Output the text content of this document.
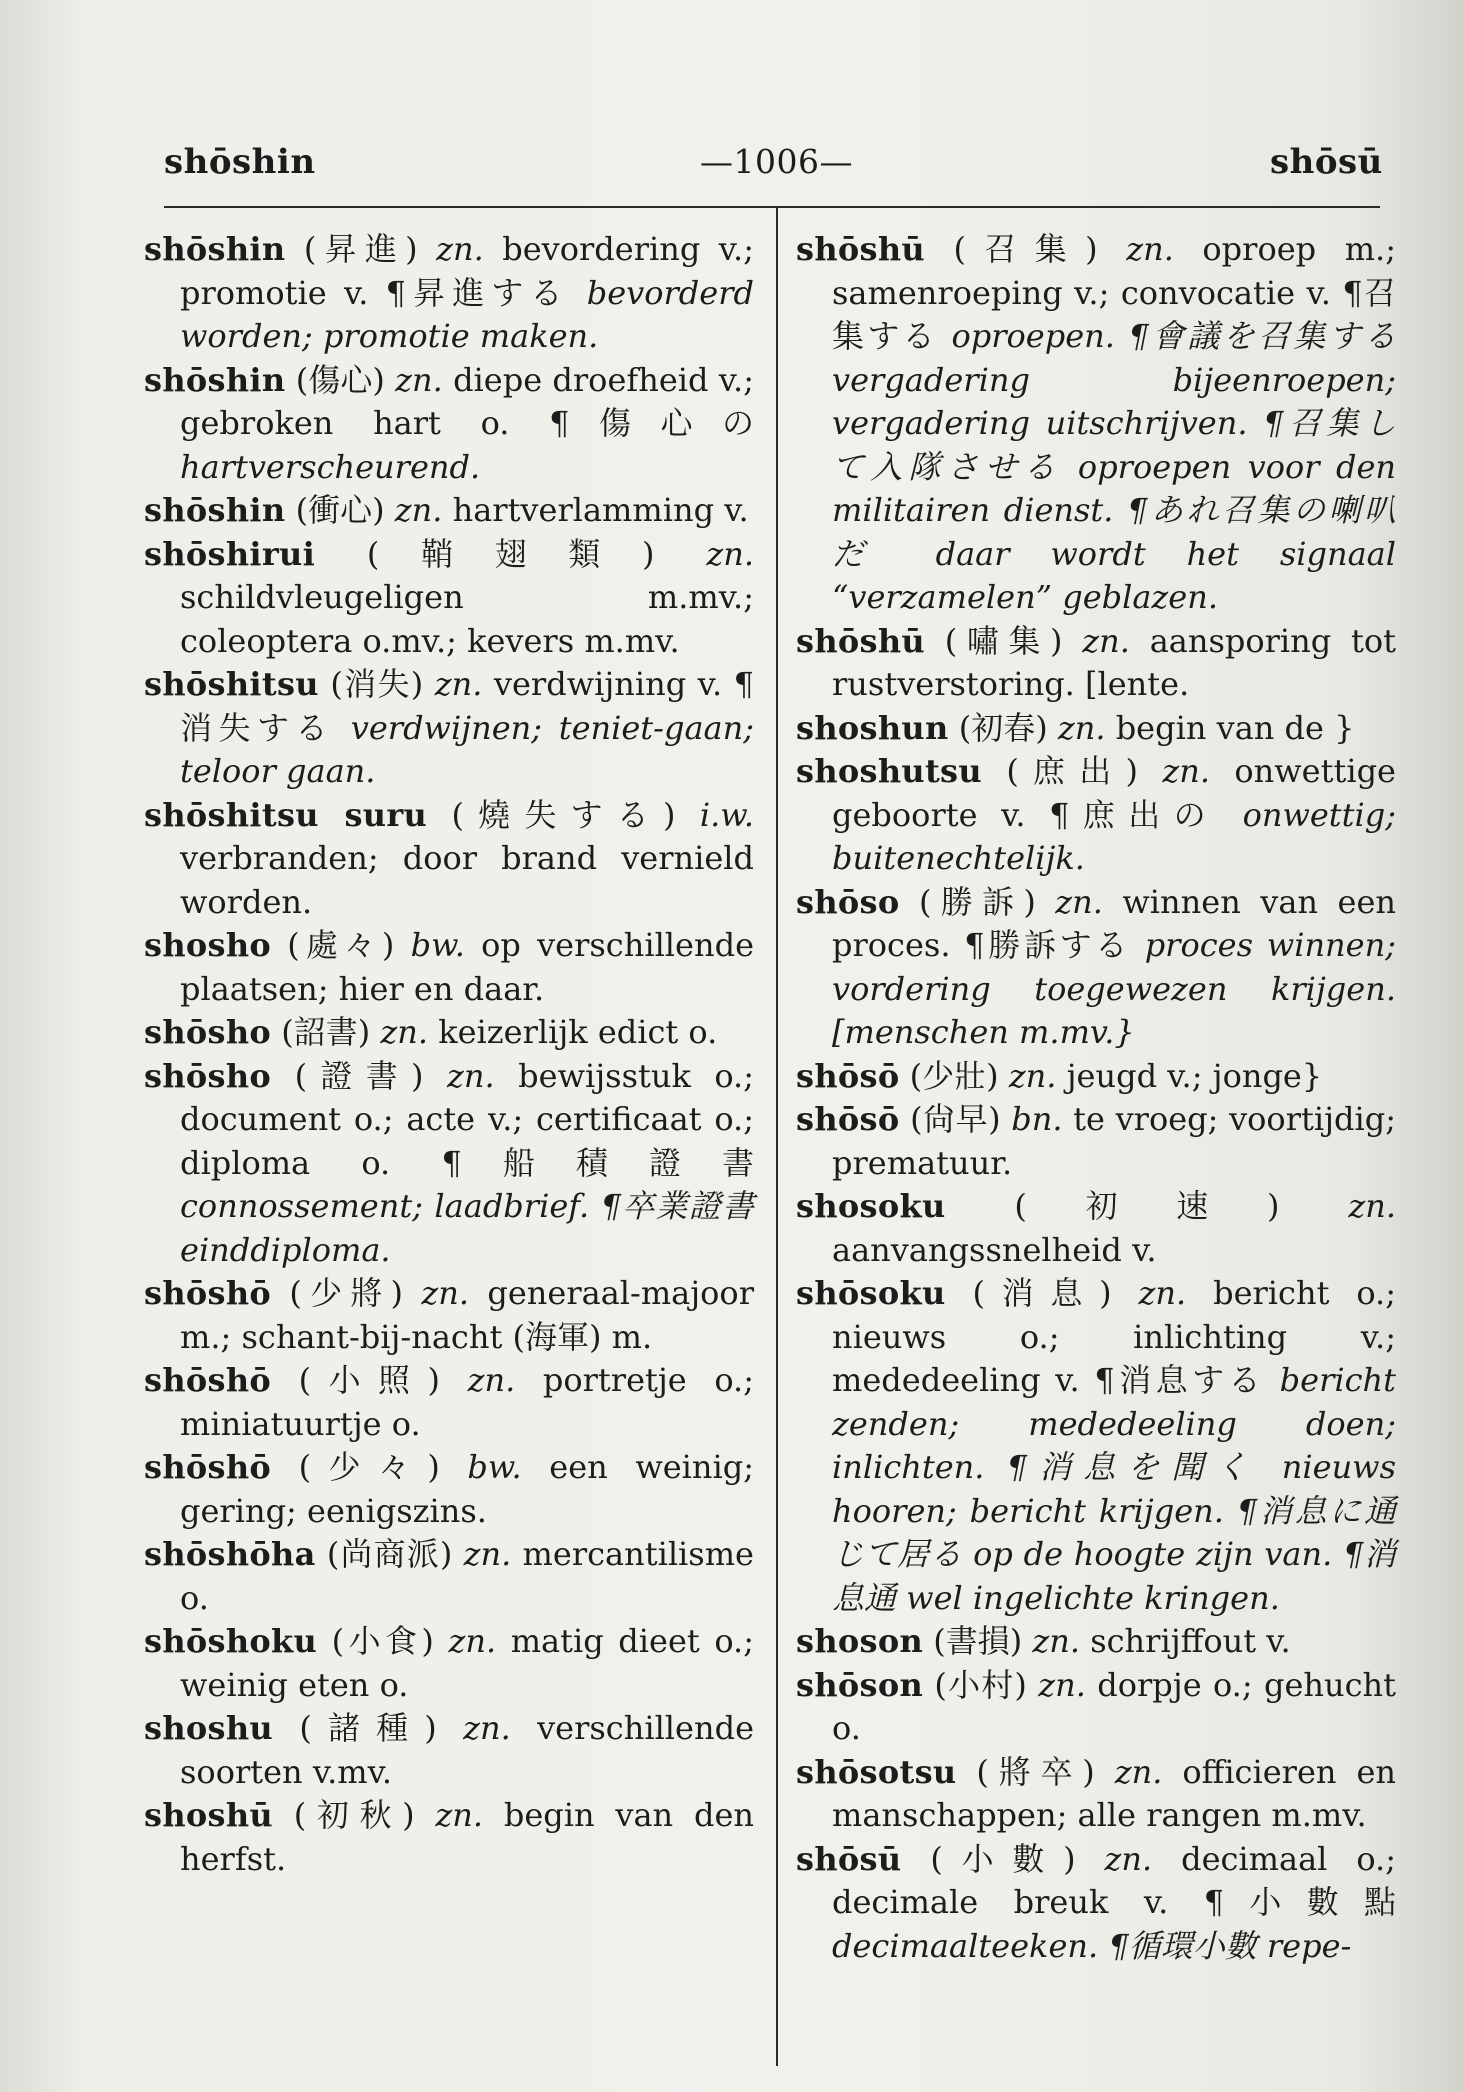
shōshin	—1006—	shōsū
shōshin (昇進) zn. bevordering v.; promotie v. ¶昇進する bevorderd worden; promotie maken.
shōshin (傷心) zn. diepe droefheid v.; gebroken hart o. ¶傷心の hartverscheurend.
shōshin (衝心) zn. hartverlamming v.
shōshirui (鞘翅類) zn. schildvleugeligen m.mv.; coleoptera o.mv.; kevers m.mv.
shōshitsu (消失) zn. verdwijning v. ¶消失する verdwijnen; teniet-gaan; teloor gaan.
shōshitsu suru (燒失する) i.w. verbranden; door brand vernield worden.
shosho (處々) bw. op verschillende plaatsen; hier en daar.
shōsho (詔書) zn. keizerlijk edict o.
shōsho (證書) zn. bewijsstuk o.; document o.; acte v.; certificaat o.; diploma o. ¶船積證書 connossement; laadbrief. ¶卒業證書 einddiploma.
shōshō (少將) zn. generaal-majoor m.; schant-bij-nacht (海軍) m.
shōshō (小照) zn. portretje o.; miniatuurtje o.
shōshō (少々) bw. een weinig; gering; eenigszins.
shōshōha (尚商派) zn. mercantilisme o.
shōshoku (小食) zn. matig dieet o.; weinig eten o.
shoshu (諸種) zn. verschillende soorten v.mv.
shoshū (初秋) zn. begin van den herfst.
shōshū (召集) zn. oproep m.; samenroeping v.; convocatie v. ¶召集する oproepen. ¶會議を召集する vergadering bijeenroepen; vergadering uitschrijven. ¶召集して入隊させる oproepen voor den militairen dienst. ¶あれ召集の喇叭だ daar wordt het signaal “verzamelen” geblazen.
shōshū (嘯集) zn. aansporing tot rustverstoring. [lente.
shoshun (初春) zn. begin van de }
shoshutsu (庶出) zn. onwettige geboorte v. ¶庶出の onwettig; buitenechtelijk.
shōso (勝訴) zn. winnen van een proces. ¶勝訴する proces winnen; vordering toegewezen krijgen. [menschen m.mv.}
shōsō (少壯) zn. jeugd v.; jonge}
shōsō (尙早) bn. te vroeg; voortijdig; prematuur.
shosoku (初速) zn. aanvangssnelheid v.
shōsoku (消息) zn. bericht o.; nieuws o.; inlichting v.; mededeeling v. ¶消息する bericht zenden; mededeeling doen; inlichten. ¶消息を聞く nieuws hooren; bericht krijgen. ¶消息に通じて居る op de hoogte zijn van. ¶消息通 wel ingelichte kringen.
shoson (書損) zn. schrijffout v.
shōson (小村) zn. dorpje o.; gehucht o.
shōsotsu (將卒) zn. officieren en manschappen; alle rangen m.mv.
shōsū (小數) zn. decimaal o.; decimale breuk v. ¶小數點 decimaalteeken. ¶循環小數 repe-
